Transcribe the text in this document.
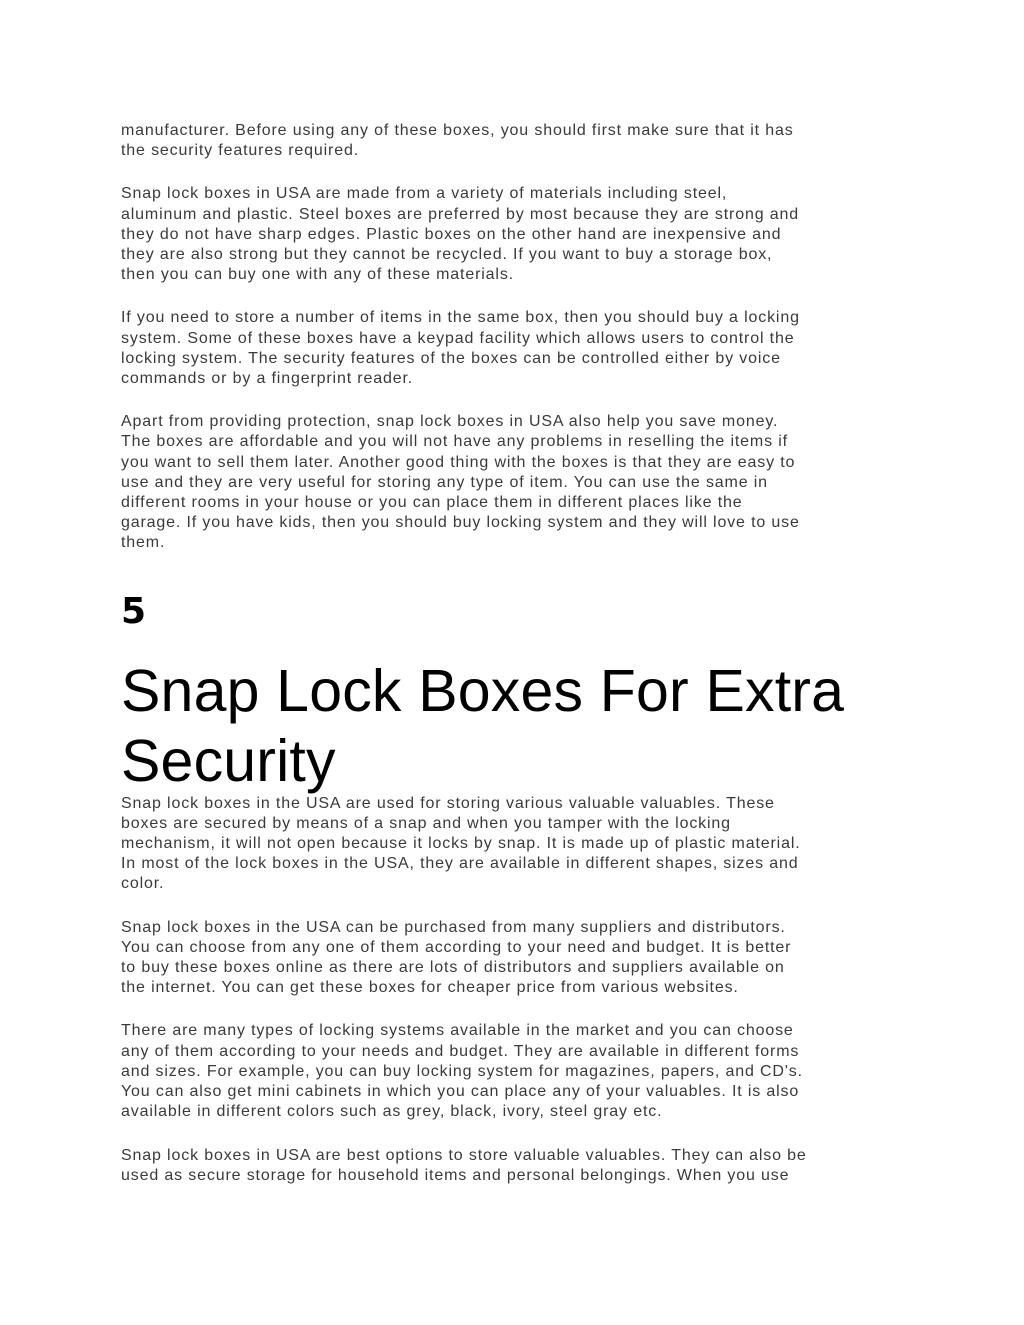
manufacturer. Before using any of these boxes, you should first make sure that it has
the security features required.

Snap lock boxes in USA are made from a variety of materials including steel,
aluminum and plastic. Steel boxes are preferred by most because they are strong and
they do not have sharp edges. Plastic boxes on the other hand are inexpensive and
they are also strong but they cannot be recycled. If you want to buy a storage box,
then you can buy one with any of these materials.

If you need to store a number of items in the same box, then you should buy a locking
system. Some of these boxes have a keypad facility which allows users to control the
locking system. The security features of the boxes can be controlled either by voice
commands or by a fingerprint reader.

Apart from providing protection, snap lock boxes in USA also help you save money.
The boxes are affordable and you will not have any problems in reselling the items if
you want to sell them later. Another good thing with the boxes is that they are easy to
use and they are very useful for storing any type of item. You can use the same in
different rooms in your house or you can place them in different places like the
garage. If you have kids, then you should buy locking system and they will love to use
them.

5
Snap Lock Boxes For Extra
Security

Snap lock boxes in the USA are used for storing various valuable valuables. These
boxes are secured by means of a snap and when you tamper with the locking
mechanism, it will not open because it locks by snap. It is made up of plastic material.
In most of the lock boxes in the USA, they are available in different shapes, sizes and
color.

Snap lock boxes in the USA can be purchased from many suppliers and distributors.
You can choose from any one of them according to your need and budget. It is better
to buy these boxes online as there are lots of distributors and suppliers available on
the internet. You can get these boxes for cheaper price from various websites.

There are many types of locking systems available in the market and you can choose
any of them according to your needs and budget. They are available in different forms
and sizes. For example, you can buy locking system for magazines, papers, and CD's.
You can also get mini cabinets in which you can place any of your valuables. It is also
available in different colors such as grey, black, ivory, steel gray etc.

Snap lock boxes in USA are best options to store valuable valuables. They can also be
used as secure storage for household items and personal belongings. When you use
